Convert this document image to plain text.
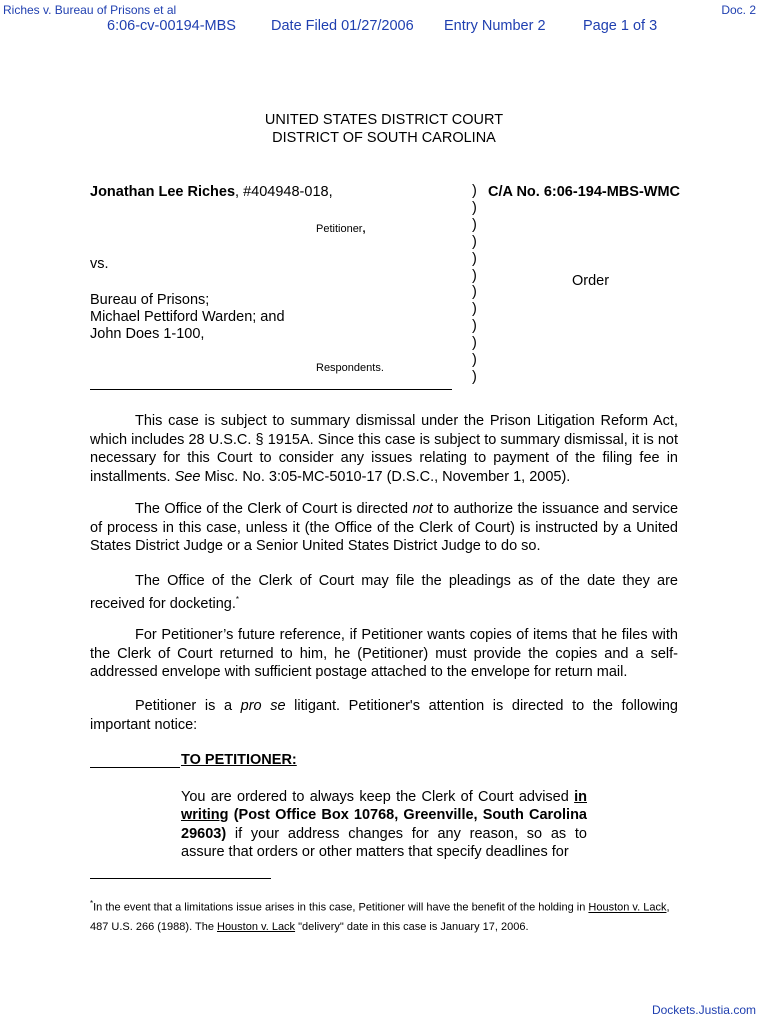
Riches v. Bureau of Prisons et al	Doc. 2
6:06-cv-00194-MBS Date Filed 01/27/2006 Entry Number 2	Page 1 of 3
UNITED STATES DISTRICT COURT
DISTRICT OF SOUTH CAROLINA
Jonathan Lee Riches, #404948-018,
Petitioner,
vs.
Bureau of Prisons;
Michael Pettiford Warden; and
John Does 1-100,
Respondents.
)
)
)
)
)
)
)
)
)
)
)
)
C/A No. 6:06-194-MBS-WMC
Order

This case is subject to summary dismissal under the Prison Litigation Reform Act, which includes 28 U.S.C. § 1915A. Since this case is subject to summary dismissal, it is not necessary for this Court to consider any issues relating to payment of the filing fee in installments. See Misc. No. 3:05-MC-5010-17 (D.S.C., November 1, 2005).

The Office of the Clerk of Court is directed not to authorize the issuance and service of process in this case, unless it (the Office of the Clerk of Court) is instructed by a United States District Judge or a Senior United States District Judge to do so.

The Office of the Clerk of Court may file the pleadings as of the date they are received for docketing.*

For Petitioner’s future reference, if Petitioner wants copies of items that he files with the Clerk of Court returned to him, he (Petitioner) must provide the copies and a self-addressed envelope with sufficient postage attached to the envelope for return mail.

Petitioner is a pro se litigant. Petitioner's attention is directed to the following important notice:

TO PETITIONER:
You are ordered to always keep the Clerk of Court advised in writing (Post Office Box 10768, Greenville, South Carolina 29603) if your address changes for any reason, so as to assure that orders or other matters that specify deadlines for
*In the event that a limitations issue arises in this case, Petitioner will have the benefit of the holding in Houston v. Lack, 487 U.S. 266 (1988). The Houston v. Lack "delivery" date in this case is January 17, 2006.
Dockets.Justia.com
